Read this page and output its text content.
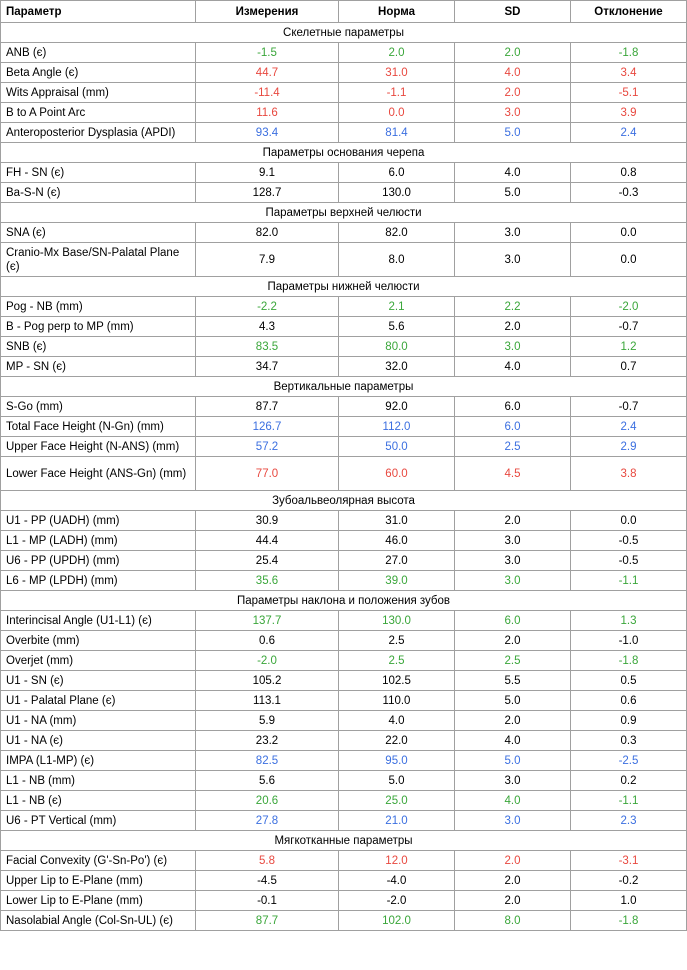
Параметр	Измерения	Норма	SD	Отклонение
Скелетные параметры				
ANB (є)	-1.5	2.0	2.0	-1.8
Beta Angle (є)	44.7	31.0	4.0	3.4
Wits Appraisal (mm)	-11.4	-1.1	2.0	-5.1
B to A Point Arc	11.6	0.0	3.0	3.9
Anteroposterior Dysplasia (APDI)	93.4	81.4	5.0	2.4
Параметры основания черепа				
FH - SN (є)	9.1	6.0	4.0	0.8
Ba-S-N (є)	128.7	130.0	5.0	-0.3
Параметры верхней челюсти				
SNA (є)	82.0	82.0	3.0	0.0
Cranio-Mx Base/SN-Palatal Plane (є)	7.9	8.0	3.0	0.0
Параметры нижней челюсти				
Pog - NB (mm)	-2.2	2.1	2.2	-2.0
B - Pog perp to MP (mm)	4.3	5.6	2.0	-0.7
SNB (є)	83.5	80.0	3.0	1.2
MP - SN (є)	34.7	32.0	4.0	0.7
Вертикальные параметры				
S-Go (mm)	87.7	92.0	6.0	-0.7
Total Face Height (N-Gn) (mm)	126.7	112.0	6.0	2.4
Upper Face Height (N-ANS) (mm)	57.2	50.0	2.5	2.9
Lower Face Height (ANS-Gn) (mm)	77.0	60.0	4.5	3.8
Зубоальвеолярная высота				
U1 - PP (UADH) (mm)	30.9	31.0	2.0	0.0
L1 - MP (LADH) (mm)	44.4	46.0	3.0	-0.5
U6 - PP (UPDH) (mm)	25.4	27.0	3.0	-0.5
L6 - MP (LPDH) (mm)	35.6	39.0	3.0	-1.1
Параметры наклона и положения зубов				
Interincisal Angle (U1-L1) (є)	137.7	130.0	6.0	1.3
Overbite (mm)	0.6	2.5	2.0	-1.0
Overjet (mm)	-2.0	2.5	2.5	-1.8
U1 - SN (є)	105.2	102.5	5.5	0.5
U1 - Palatal Plane (є)	113.1	110.0	5.0	0.6
U1 - NA (mm)	5.9	4.0	2.0	0.9
U1 - NA (є)	23.2	22.0	4.0	0.3
IMPA (L1-MP) (є)	82.5	95.0	5.0	-2.5
L1 - NB (mm)	5.6	5.0	3.0	0.2
L1 - NB (є)	20.6	25.0	4.0	-1.1
U6 - PT Vertical (mm)	27.8	21.0	3.0	2.3
Мягкотканные параметры				
Facial Convexity (G'-Sn-Po') (є)	5.8	12.0	2.0	-3.1
Upper Lip to E-Plane (mm)	-4.5	-4.0	2.0	-0.2
Lower Lip to E-Plane (mm)	-0.1	-2.0	2.0	1.0
Nasolabial Angle (Col-Sn-UL) (є)	87.7	102.0	8.0	-1.8
